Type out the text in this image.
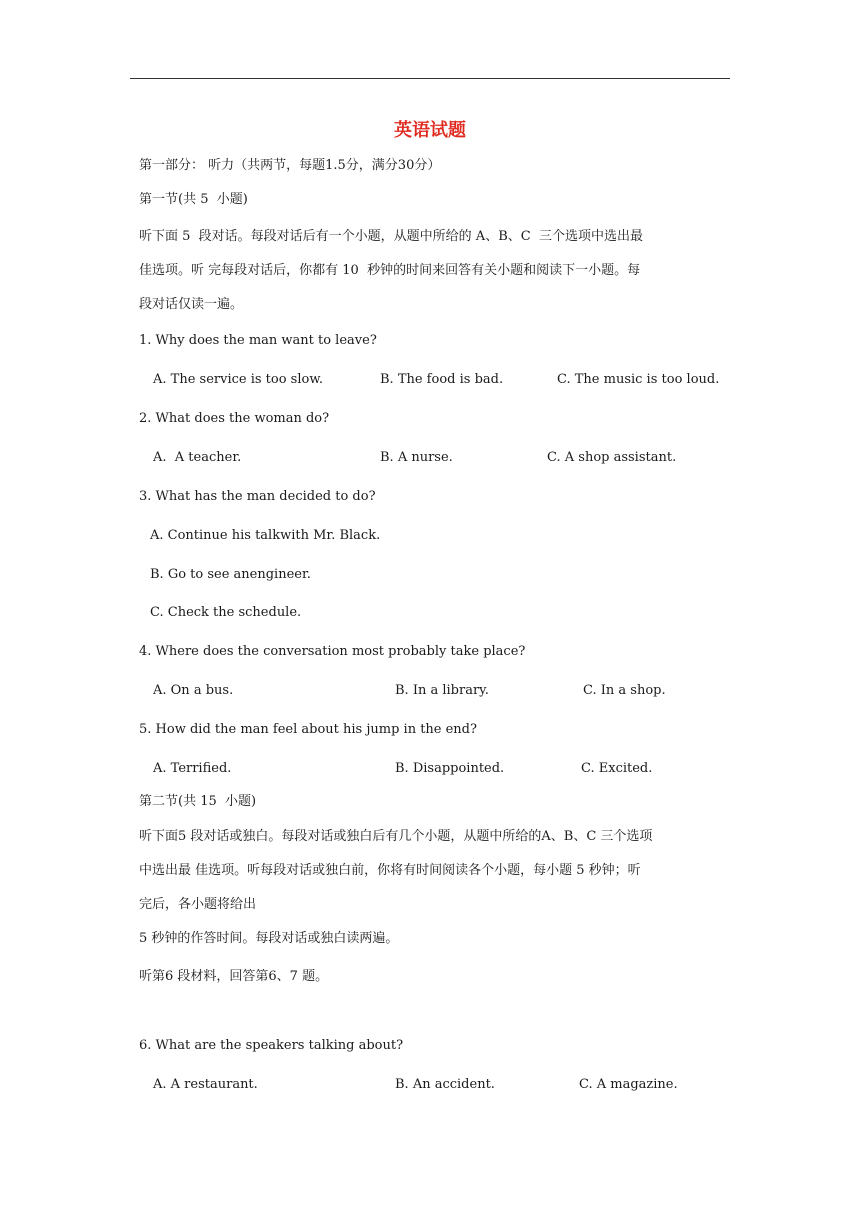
英语试题
第一部分： 听力（共两节，每题1.5分，满分30分）
第一节(共 5  小题)
听下面 5  段对话。每段对话后有一个小题，从题中所给的 A、B、C  三个选项中选出最
佳选项。听 完每段对话后，你都有 10  秒钟的时间来回答有关小题和阅读下一小题。每
段对话仅读一遍。
1. Why does the man want to leave?
A. The service is too slow.	B. The food is bad.	C. The music is too loud.
2. What does the woman do?
A.  A teacher.	B. A nurse.	C. A shop assistant.
3. What has the man decided to do?
A. Continue his talkwith Mr. Black.
B. Go to see anengineer.
C. Check the schedule.
4. Where does the conversation most probably take place?
A. On a bus.	B. In a library.	C. In a shop.
5. How did the man feel about his jump in the end?
A. Terrified.	B. Disappointed.	C. Excited.
第二节(共 15  小题)
听下面5 段对话或独白。每段对话或独白后有几个小题，从题中所给的A、B、C 三个选项
中选出最 佳选项。听每段对话或独白前，你将有时间阅读各个小题，每小题 5 秒钟；听
完后，各小题将给出
5 秒钟的作答时间。每段对话或独白读两遍。
听第6 段材料，回答第6、7 题。
6. What are the speakers talking about?
A. A restaurant.	B. An accident.	C. A magazine.
